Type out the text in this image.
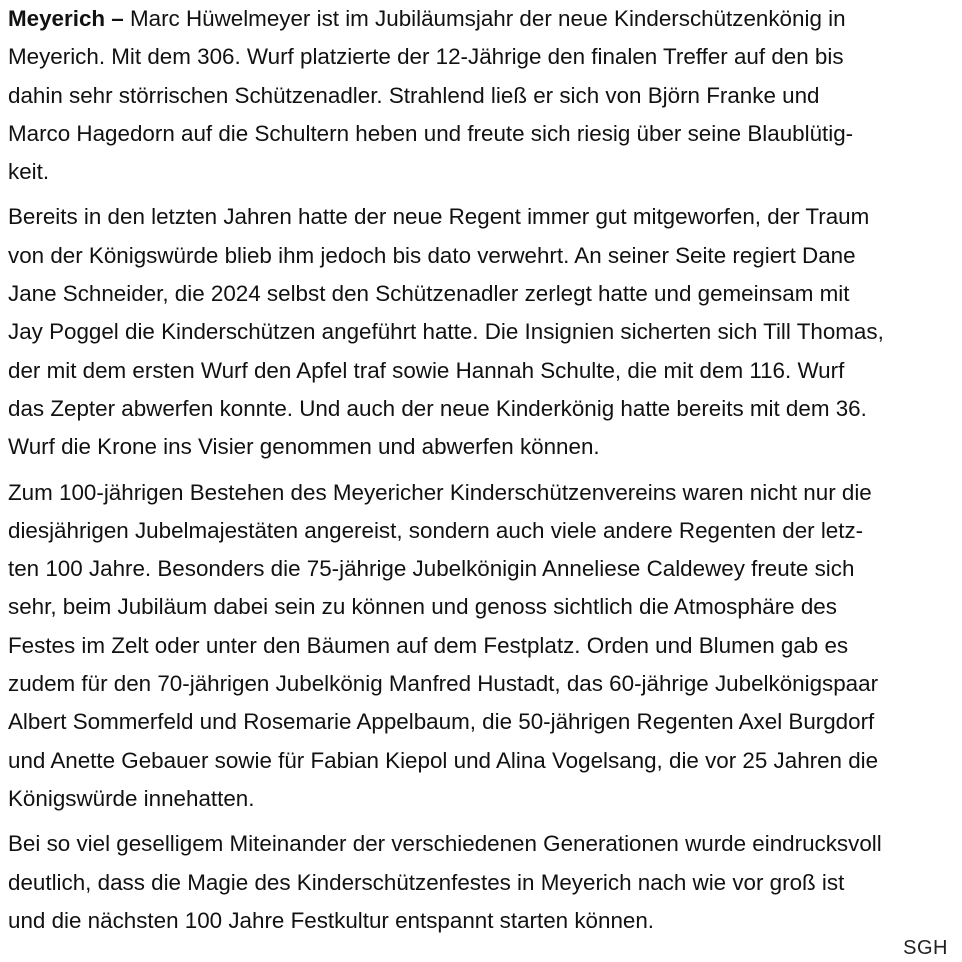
Meyerich – Marc Hüwelmeyer ist im Jubiläumsjahr der neue Kinderschützenkönig in
Meyerich. Mit dem 306. Wurf platzierte der 12-Jährige den finalen Treffer auf den bis
dahin sehr störrischen Schützenadler. Strahlend ließ er sich von Björn Franke und
Marco Hagedorn auf die Schultern heben und freute sich riesig über seine Blaublütig-
keit.

Bereits in den letzten Jahren hatte der neue Regent immer gut mitgeworfen, der Traum
von der Königswürde blieb ihm jedoch bis dato verwehrt. An seiner Seite regiert Dane
Jane Schneider, die 2024 selbst den Schützenadler zerlegt hatte und gemeinsam mit
Jay Poggel die Kinderschützen angeführt hatte. Die Insignien sicherten sich Till Thomas,
der mit dem ersten Wurf den Apfel traf sowie Hannah Schulte, die mit dem 116. Wurf
das Zepter abwerfen konnte. Und auch der neue Kinderkönig hatte bereits mit dem 36.
Wurf die Krone ins Visier genommen und abwerfen können.

Zum 100-jährigen Bestehen des Meyericher Kinderschützenvereins waren nicht nur die
diesjährigen Jubelmajestäten angereist, sondern auch viele andere Regenten der letz-
ten 100 Jahre. Besonders die 75-jährige Jubelkönigin Anneliese Caldewey freute sich
sehr, beim Jubiläum dabei sein zu können und genoss sichtlich die Atmosphäre des
Festes im Zelt oder unter den Bäumen auf dem Festplatz. Orden und Blumen gab es
zudem für den 70-jährigen Jubelkönig Manfred Hustadt, das 60-jährige Jubelkönigspaar
Albert Sommerfeld und Rosemarie Appelbaum, die 50-jährigen Regenten Axel Burgdorf
und Anette Gebauer sowie für Fabian Kiepol und Alina Vogelsang, die vor 25 Jahren die
Königswürde innehatten.

Bei so viel geselligem Miteinander der verschiedenen Generationen wurde eindrucksvoll
deutlich, dass die Magie des Kinderschützenfestes in Meyerich nach wie vor groß ist
und die nächsten 100 Jahre Festkultur entspannt starten können.

SGH
